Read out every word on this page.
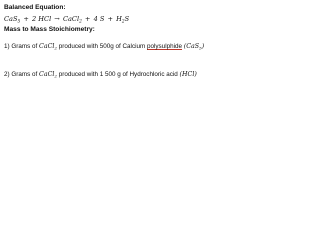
Balanced Equation:
CaS$_5$ + 2 HCl → CaCl$_2$ + 4 $S + H_2S$
Mass to Mass Stoichiometry:
1) Grams of CaCl$_2$ produced with 500g of Calcium polysulphide (CaS$_5$)
2) Grams of CaCl$_2$ produced with 1 500 g of Hydrochloric acid (HCl)
